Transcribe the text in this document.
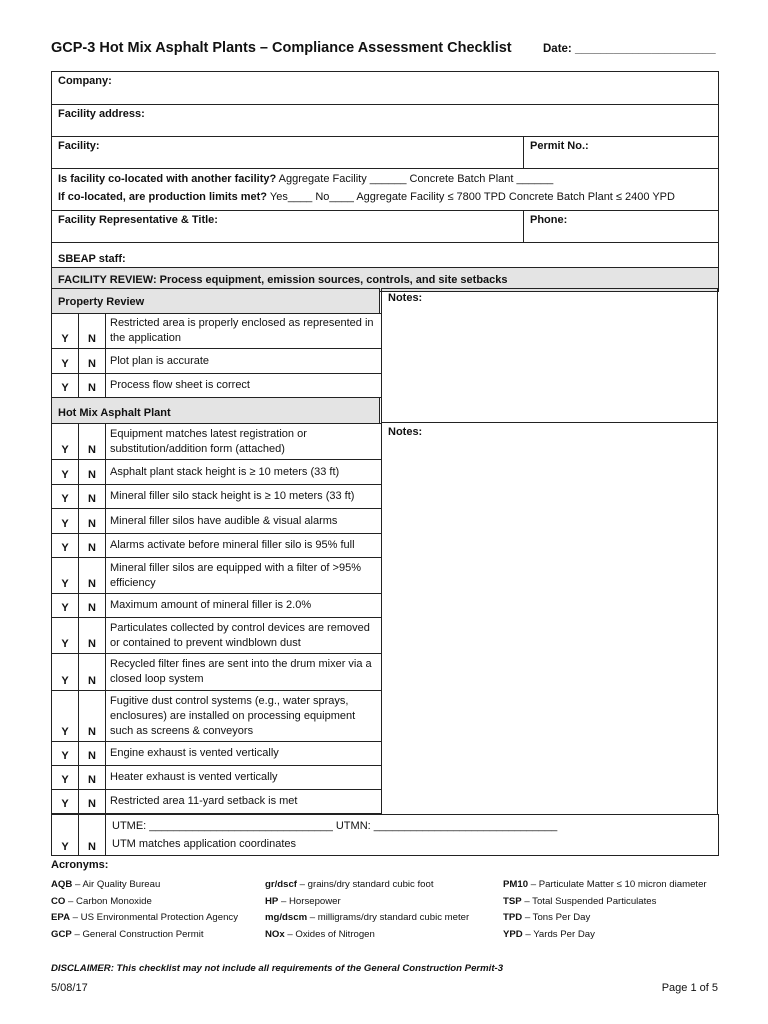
GCP-3 Hot Mix Asphalt Plants – Compliance Assessment Checklist	Date: ______________________
Company:	
Facility address:	
Facility:	Permit No.:

Is facility co-located with another facility? Aggregate Facility ______ Concrete Batch Plant ______
If co-located, are production limits met? Yes____ No____ Aggregate Facility ≤ 7800 TPD Concrete Batch Plant ≤ 2400 YPD	

Facility Representative & Title:	Phone:
SBEAP staff:	
FACILITY REVIEW: Process equipment, emission sources, controls, and site setbacks	
Property Review
Y	N	Restricted area is properly enclosed as represented in the application
Y	N	Plot plan is accurate
Y	N	Process flow sheet is correct
Notes:
Hot Mix Asphalt Plant
Y	N	Equipment matches latest registration or substitution/addition form (attached)
Y	N	Asphalt plant stack height is ≥ 10 meters (33 ft)
Y	N	Mineral filler silo stack height is ≥ 10 meters (33 ft)
Y	N	Mineral filler silos have audible & visual alarms
Y	N	Alarms activate before mineral filler silo is 95% full
Y	N	Mineral filler silos are equipped with a filter of >95% efficiency
Y	N	Maximum amount of mineral filler is 2.0%
Y	N	Particulates collected by control devices are removed or contained to prevent windblown dust
Y	N	Recycled filter fines are sent into the drum mixer via a closed loop system
Y	N	Fugitive dust control systems (e.g., water sprays, enclosures) are installed on processing equipment such as screens & conveyors
Y	N	Engine exhaust is vented vertically
Y	N	Heater exhaust is vented vertically
Y	N	Restricted area 11-yard setback is met
Notes:
Y	N	
UTME: ______________________________ UTMN: ______________________________
UTM matches application coordinates
Acronyms:
AQB – Air Quality Bureau
CO – Carbon Monoxide
EPA – US Environmental Protection Agency
GCP – General Construction Permit
gr/dscf – grains/dry standard cubic foot
HP – Horsepower
mg/dscm – milligrams/dry standard cubic meter
NOx – Oxides of Nitrogen
PM10 – Particulate Matter ≤ 10 micron diameter
TSP – Total Suspended Particulates
TPD – Tons Per Day
YPD – Yards Per Day
DISCLAIMER: This checklist may not include all requirements of the General Construction Permit-3
5/08/17	Page 1 of 5
